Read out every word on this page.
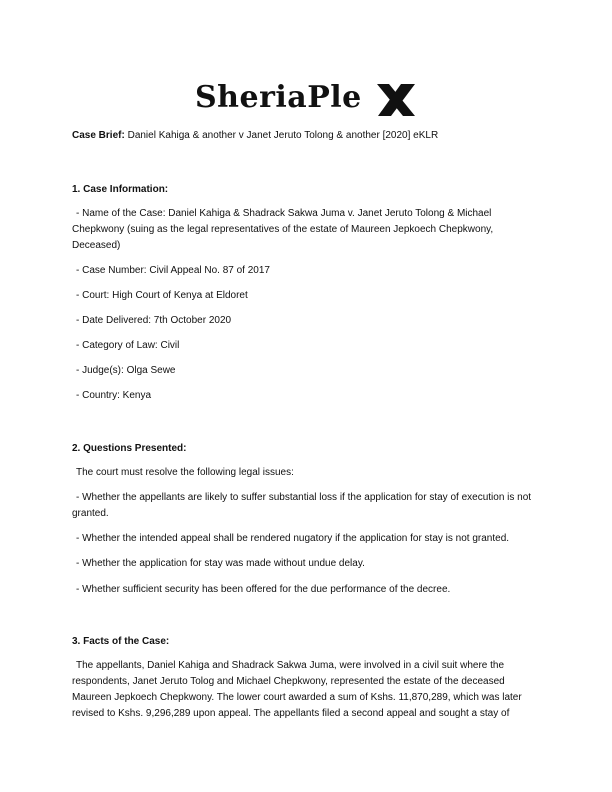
SheriaPle

Case Brief: Daniel Kahiga & another v Janet Jeruto Tolong & another [2020] eKLR

1. Case Information:

- Name of the Case: Daniel Kahiga & Shadrack Sakwa Juma v. Janet Jeruto Tolong & Michael Chepkwony (suing as the legal representatives of the estate of Maureen Jepkoech Chepkwony, Deceased)

- Case Number: Civil Appeal No. 87 of 2017

- Court: High Court of Kenya at Eldoret

- Date Delivered: 7th October 2020

- Category of Law: Civil

- Judge(s): Olga Sewe

- Country: Kenya

2. Questions Presented:

The court must resolve the following legal issues:

- Whether the appellants are likely to suffer substantial loss if the application for stay of execution is not granted.

- Whether the intended appeal shall be rendered nugatory if the application for stay is not granted.

- Whether the application for stay was made without undue delay.

- Whether sufficient security has been offered for the due performance of the decree.

3. Facts of the Case:

The appellants, Daniel Kahiga and Shadrack Sakwa Juma, were involved in a civil suit where the respondents, Janet Jeruto Tolog and Michael Chepkwony, represented the estate of the deceased Maureen Jepkoech Chepkwony. The lower court awarded a sum of Kshs. 11,870,289, which was later revised to Kshs. 9,296,289 upon appeal. The appellants filed a second appeal and sought a stay of
